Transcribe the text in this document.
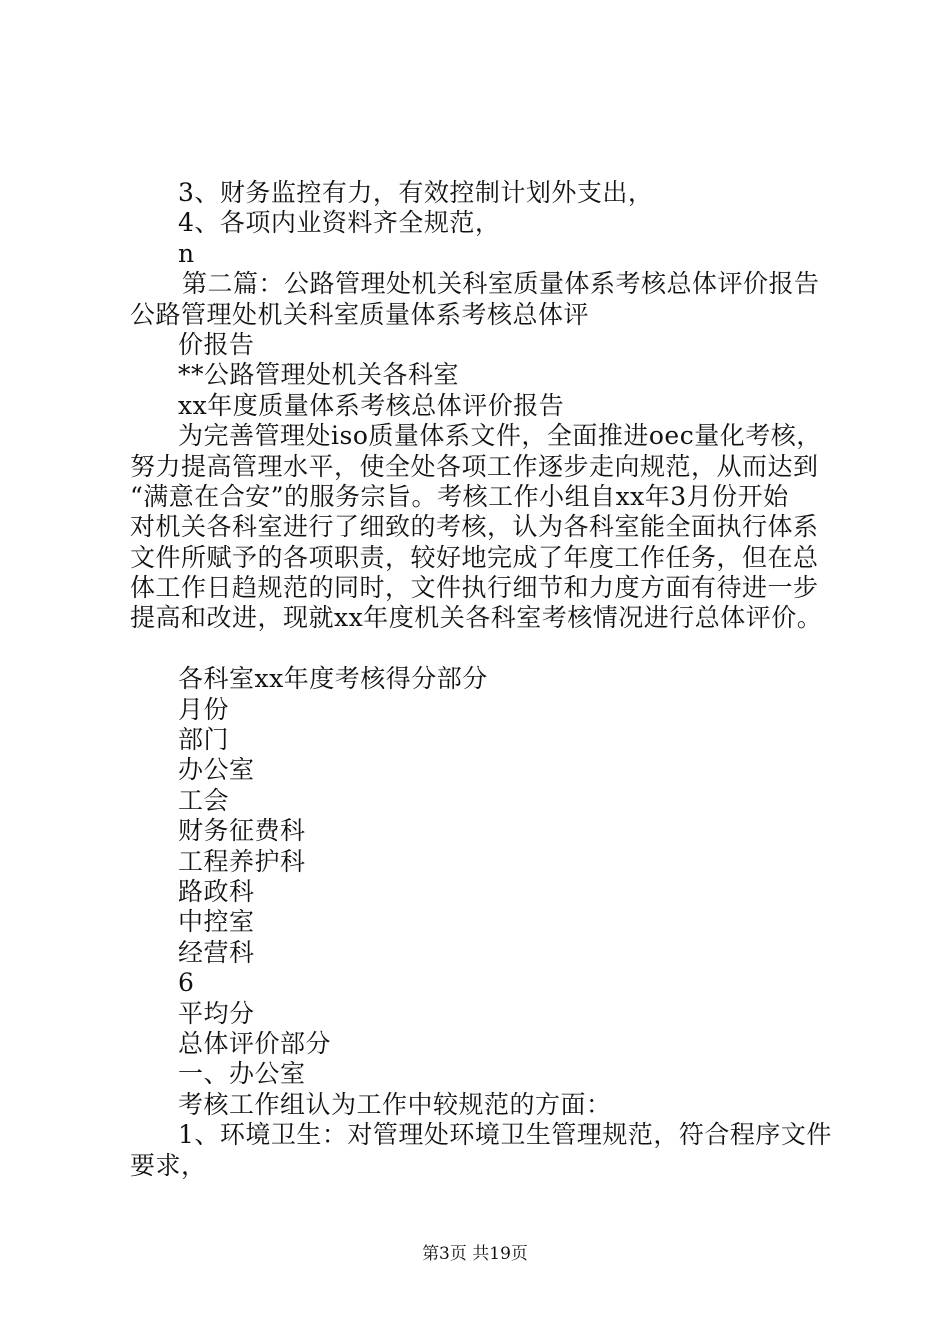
3、财务监控有力，有效控制计划外支出，
4、各项内业资料齐全规范，
n
第二篇：公路管理处机关科室质量体系考核总体评价报告
公路管理处机关科室质量体系考核总体评
价报告
**公路管理处机关各科室
xx年度质量体系考核总体评价报告
为完善管理处iso质量体系文件，全面推进oec量化考核，
努力提高管理水平，使全处各项工作逐步走向规范，从而达到
“满意在合安”的服务宗旨。考核工作小组自xx年3月份开始
对机关各科室进行了细致的考核，认为各科室能全面执行体系
文件所赋予的各项职责，较好地完成了年度工作任务，但在总
体工作日趋规范的同时，文件执行细节和力度方面有待进一步
提高和改进，现就xx年度机关各科室考核情况进行总体评价。
各科室xx年度考核得分部分
月份
部门
办公室
工会
财务征费科
工程养护科
路政科
中控室
经营科
6
平均分
总体评价部分
一、办公室
考核工作组认为工作中较规范的方面：
1、环境卫生：对管理处环境卫生管理规范，符合程序文件
要求，
第3页 共19页
